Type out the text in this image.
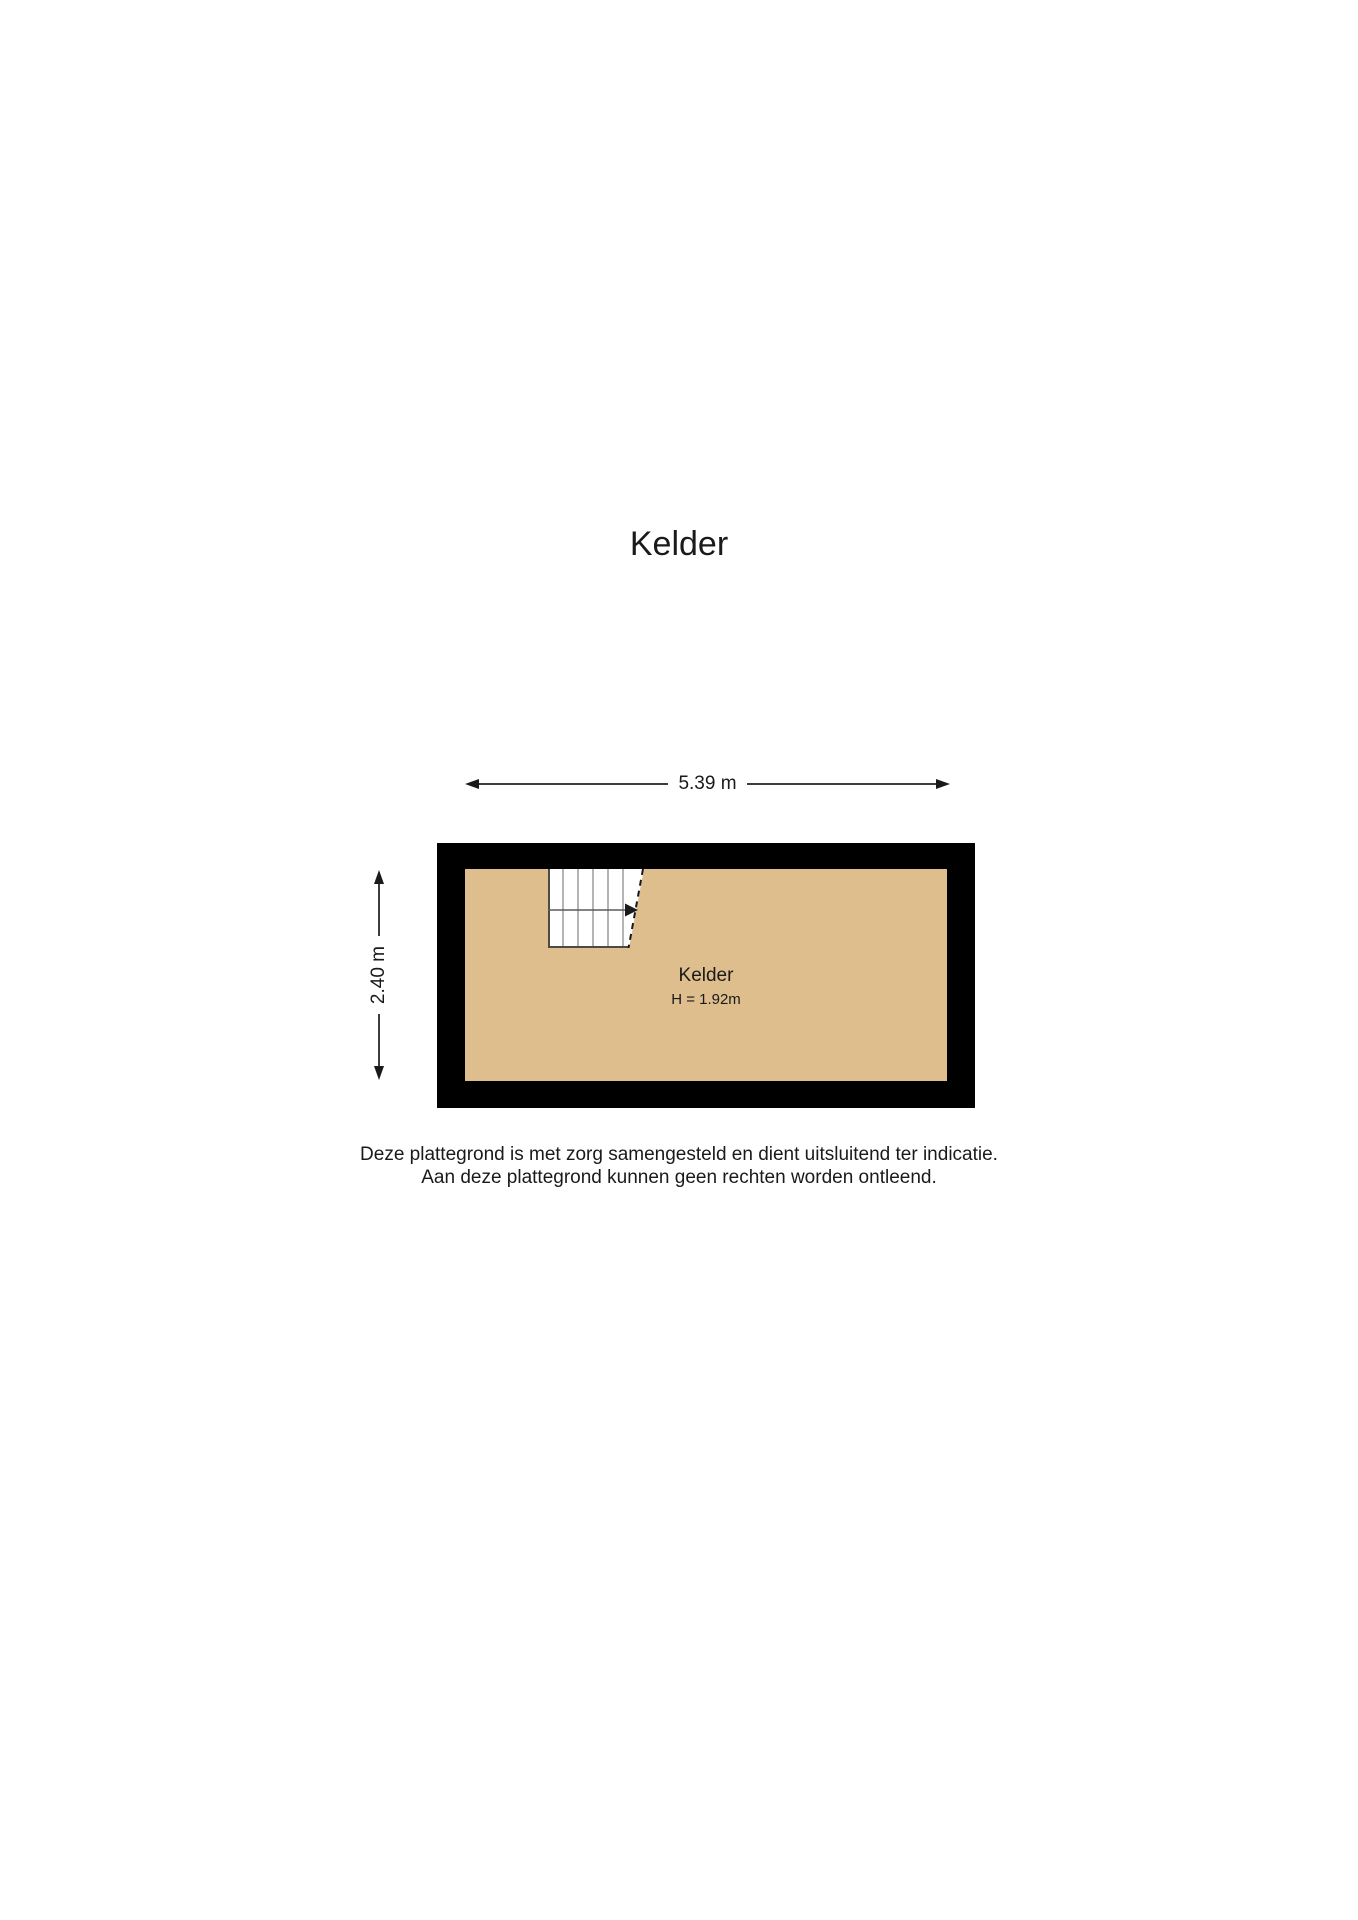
Kelder
5.39 m
2.40 m	Kelder
H = 1.92m
Deze plattegrond is met zorg samengesteld en dient uitsluitend ter indicatie.
Aan deze plattegrond kunnen geen rechten worden ontleend.
